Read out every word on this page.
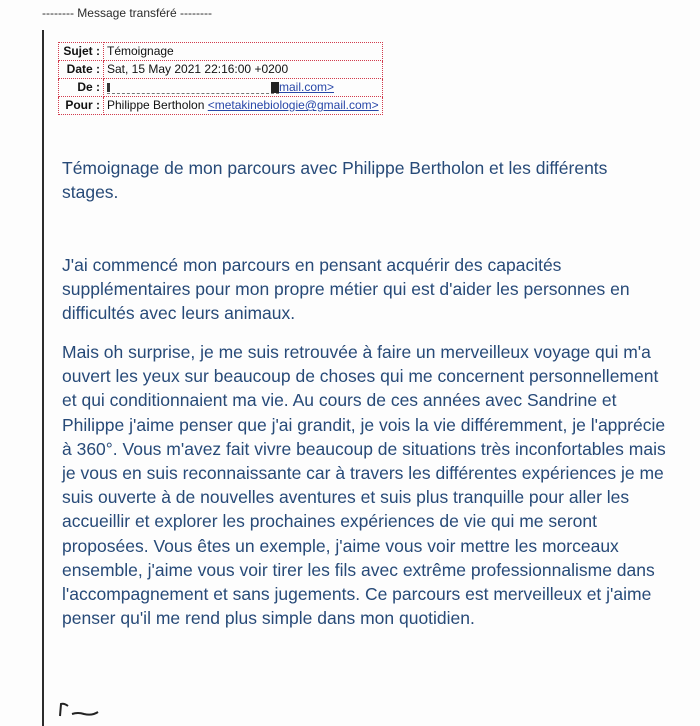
-------- Message transféré --------
Sujet :	Témoignage
Date :	Sat, 15 May 2021 22:16:00 +0200
De :	mail.com>
Pour :	Philippe Bertholon <metakinebiologie@gmail.com>

Témoignage de mon parcours avec Philippe Bertholon et les différents stages.

J'ai commencé mon parcours en pensant acquérir des capacités supplémentaires pour mon propre métier qui est d'aider les personnes en difficultés avec leurs animaux.

Mais oh surprise, je me suis retrouvée à faire un merveilleux voyage qui m'a ouvert les yeux sur beaucoup de choses qui me concernent personnellement et qui conditionnaient ma vie. Au cours de ces années avec Sandrine et Philippe j'aime penser que j'ai grandit, je vois la vie différemment, je l'apprécie à 360°. Vous m'avez fait vivre beaucoup de situations très inconfortables mais je vous en suis reconnaissante car à travers les différentes expériences je me suis ouverte à de nouvelles aventures et suis plus tranquille pour aller les accueillir et explorer les prochaines expériences de vie qui me seront proposées. Vous êtes un exemple, j'aime vous voir mettre les morceaux ensemble, j'aime vous voir tirer les fils avec extrême professionnalisme dans l'accompagnement et sans jugements. Ce parcours est merveilleux et j'aime penser qu'il me rend plus simple dans mon quotidien.
